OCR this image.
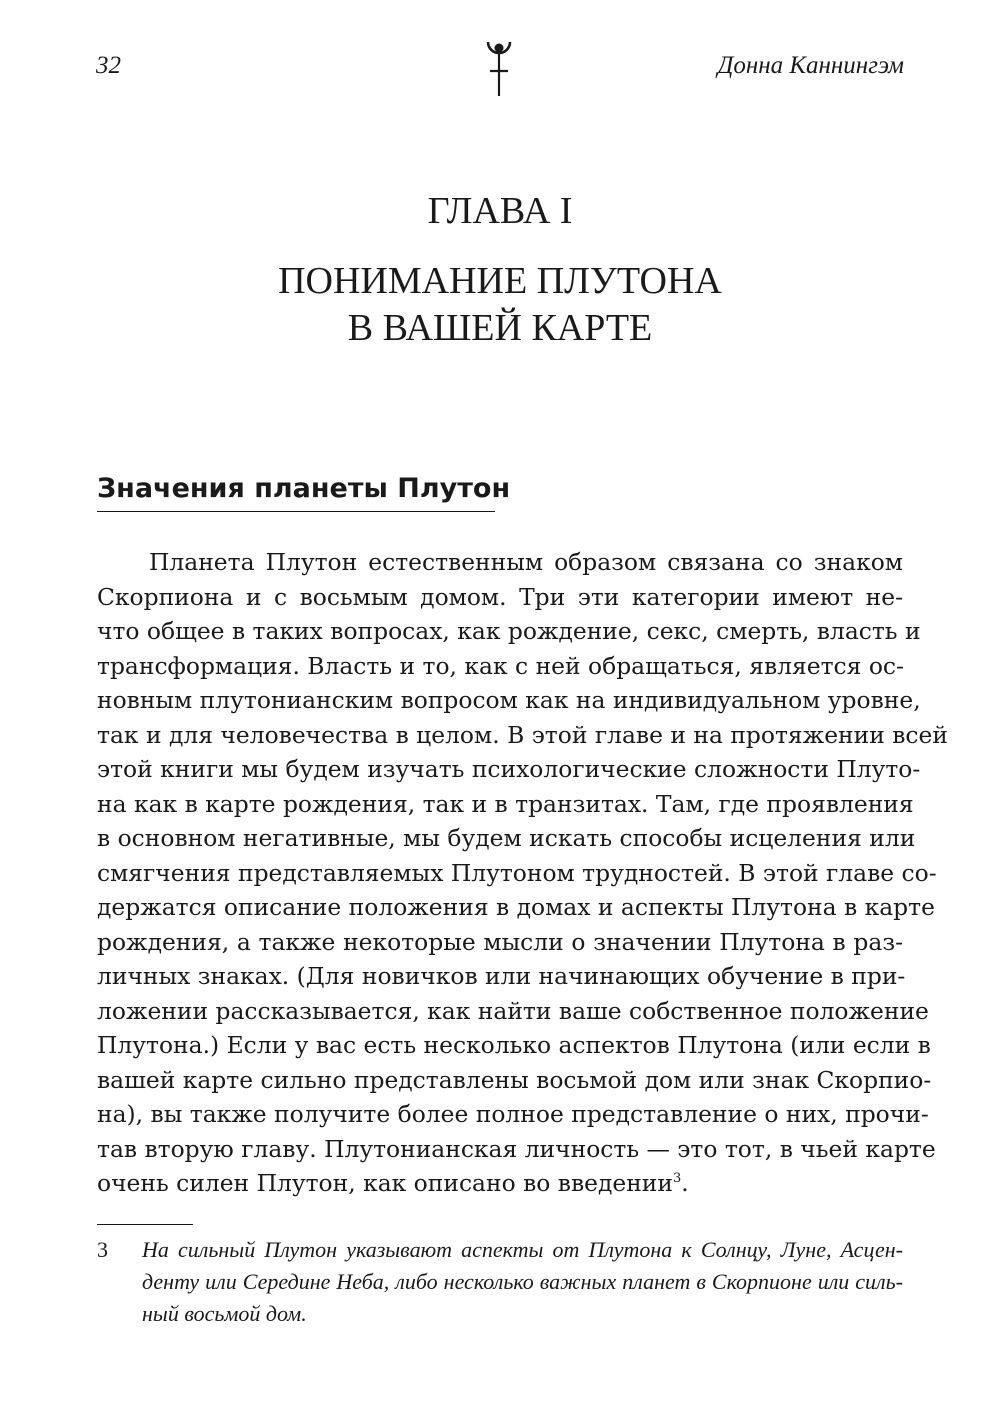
32	Донна Каннингэм
ГЛАВА I
ПОНИМАНИЕ ПЛУТОНА
В ВАШЕЙ КАРТЕ
Значения планеты Плутон
Планета Плутон естественным образом связана со знаком
Скорпиона и с восьмым домом. Три эти категории имеют не-
что общее в таких вопросах, как рождение, секс, смерть, власть и
трансформация. Власть и то, как с ней обращаться, является ос-
новным плутонианским вопросом как на индивидуальном уровне,
так и для человечества в целом. В этой главе и на протяжении всей
этой книги мы будем изучать психологические сложности Плуто-
на как в карте рождения, так и в транзитах. Там, где проявления
в основном негативные, мы будем искать способы исцеления или
смягчения представляемых Плутоном трудностей. В этой главе со-
держатся описание положения в домах и аспекты Плутона в карте
рождения, а также некоторые мысли о значении Плутона в раз-
личных знаках. (Для новичков или начинающих обучение в при-
ложении рассказывается, как найти ваше собственное положение
Плутона.) Если у вас есть несколько аспектов Плутона (или если в
вашей карте сильно представлены восьмой дом или знак Скорпио-
на), вы также получите более полное представление о них, прочи-
тав вторую главу. Плутонианская личность — это тот, в чьей карте
очень силен Плутон, как описано во введении$^3$.
3	На сильный Плутон указывают аспекты от Плутона к Солнцу, Луне, Асцен-
денту или Середине Неба, либо несколько важных планет в Скорпионе или силь-
ный восьмой дом.
